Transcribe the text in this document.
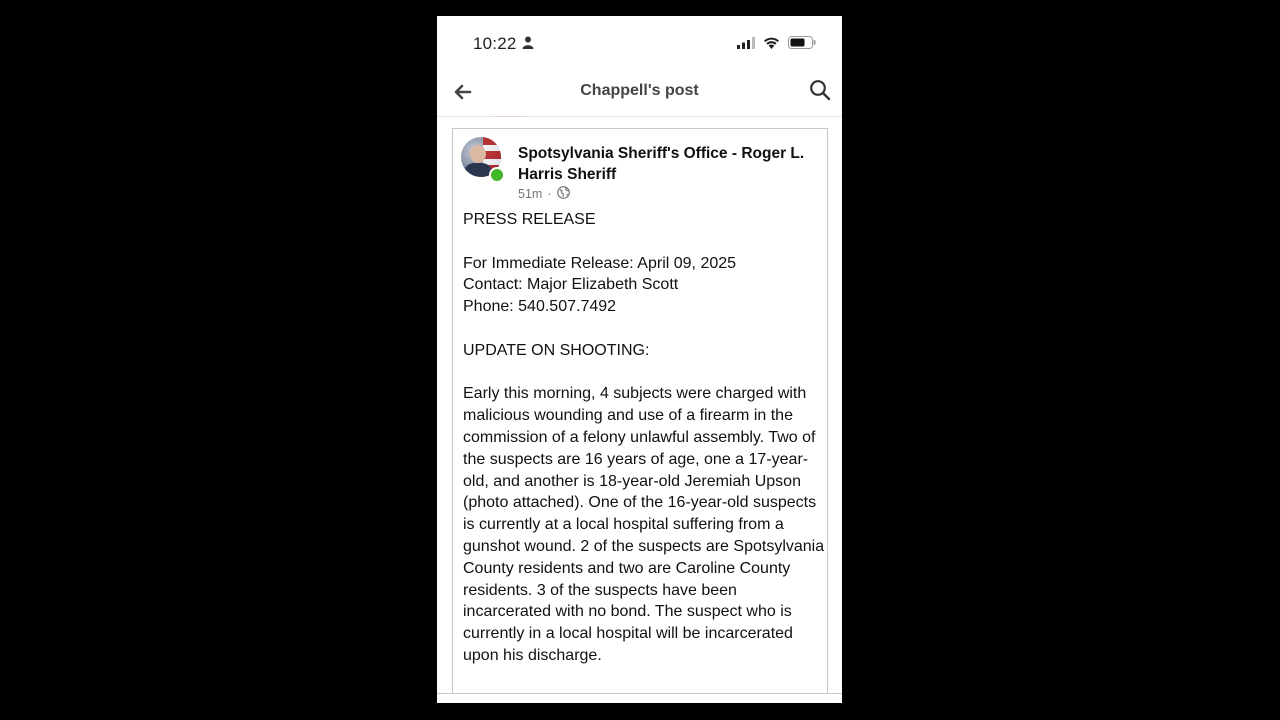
10:22
Chappell's post
Spotsylvania Sheriff's Office - Roger L. Harris Sheriff
51m ·

PRESS RELEASE

For Immediate Release: April 09, 2025

Contact: Major Elizabeth Scott

Phone: 540.507.7492

UPDATE ON SHOOTING:

Early this morning, 4 subjects were charged with malicious wounding and use of a firearm in the commission of a felony unlawful assembly. Two of the suspects are 16 years of age, one a 17-year-old, and another is 18-year-old Jeremiah Upson (photo attached). One of the 16-year-old suspects is currently at a local hospital suffering from a gunshot wound. 2 of the suspects are Spotsylvania County residents and two are Caroline County residents. 3 of the suspects have been incarcerated with no bond. The suspect who is currently in a local hospital will be incarcerated upon his discharge.
